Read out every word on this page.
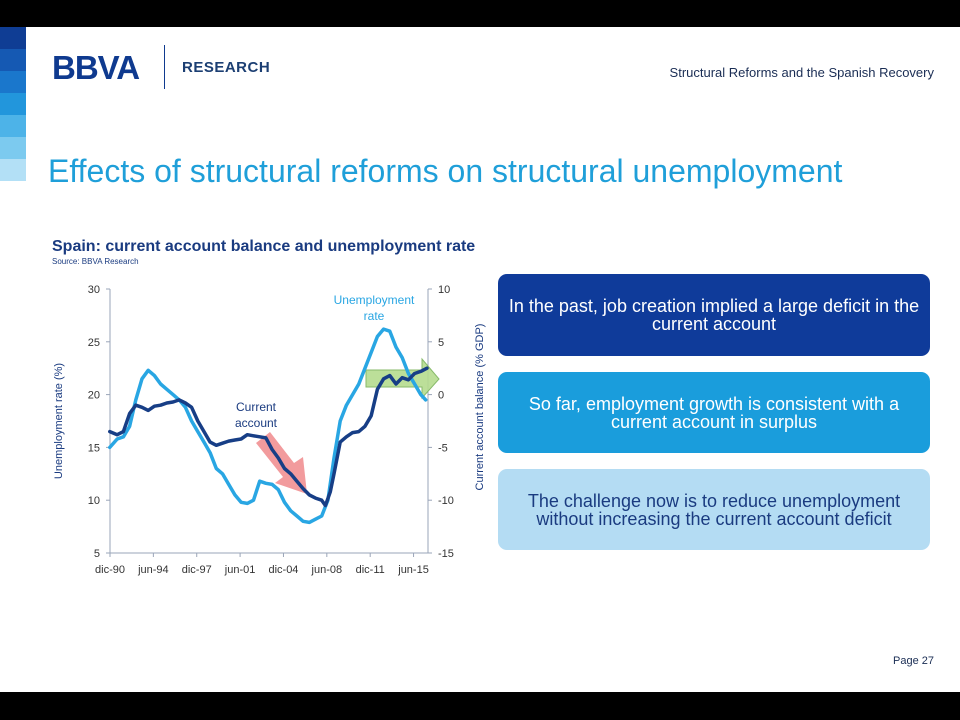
BBVA	RESEARCH	Structural Reforms and the Spanish Recovery
Effects of structural reforms on structural unemployment
Spain: current account balance and unemployment rate
Source: BBVA Research
5
10
15
20
25
30
-15
-10
-5
0
5
10
dic-90 jun-94 dic-97 jun-01 dic-04 jun-08 dic-11 jun-15
Unemployment rate (%)	Current account balance (% GDP)
Unemployment
rate
Current
account
In the past, job creation implied a large deficit in the current account
So far, employment growth is consistent with a current account in surplus
The challenge now is to reduce unemployment without increasing the current account deficit
Page 27
